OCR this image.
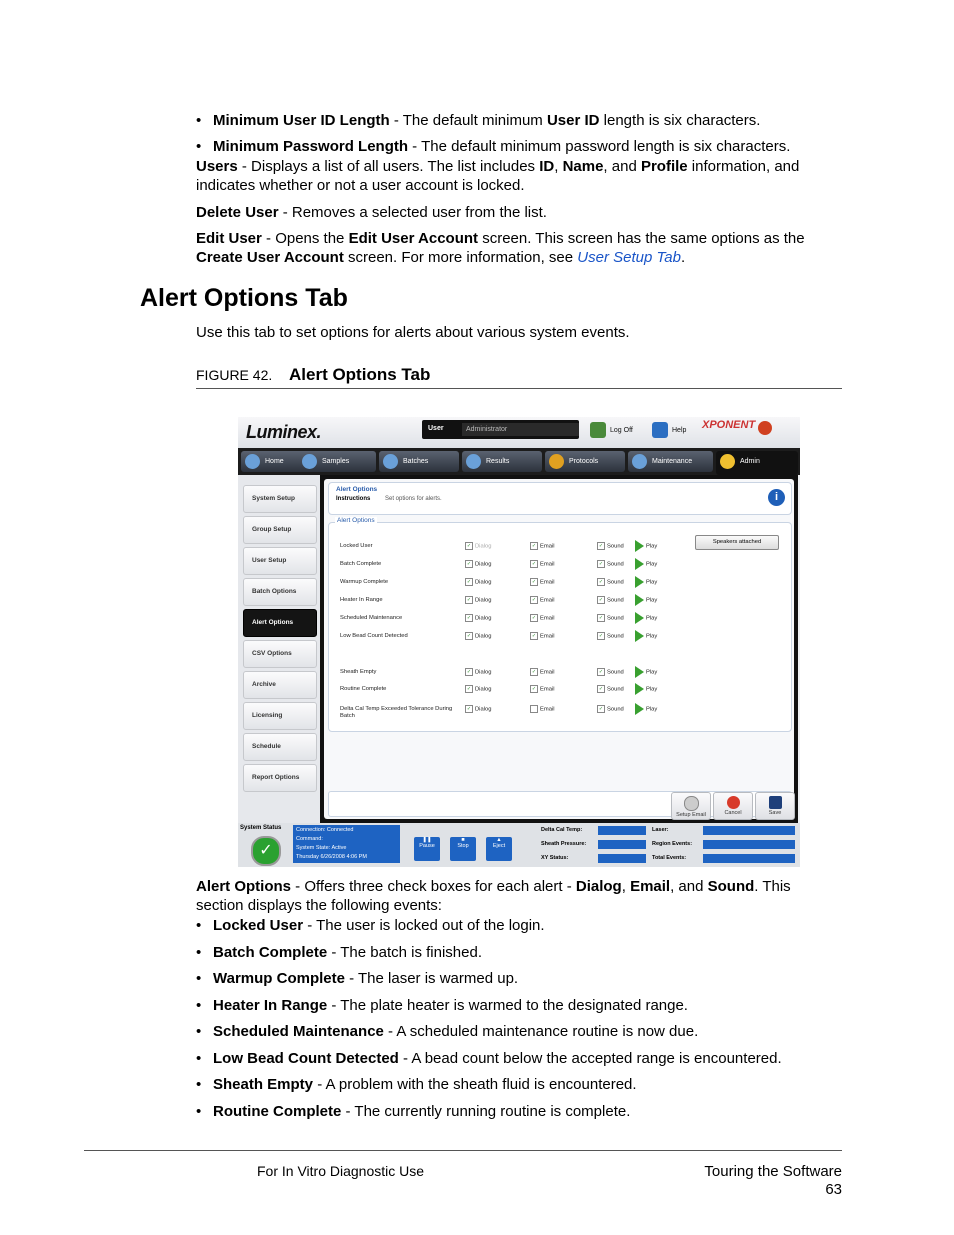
• Minimum User ID Length - The default minimum User ID length is six characters.
• Minimum Password Length - The default minimum password length is six characters.
Users - Displays a list of all users. The list includes ID, Name, and Profile information, and
indicates whether or not a user account is locked.
Delete User - Removes a selected user from the list.
Edit User - Opens the Edit User Account screen. This screen has the same options as the
Create User Account screen. For more information, see User Setup Tab.
Alert Options Tab
Use this tab to set options for alerts about various system events.
FIGURE 42. Alert Options Tab
Luminex.	User	Administrator	Log Off	Help XPONENT
Home	Samples	Batches	Results	Protocols	Maintenance	Admin
System Setup
Group Setup
User Setup
Batch Options
Alert Options
CSV Options
Archive
Licensing
Schedule
Report Options
Alert Options
Instructions Set options for alerts.	i
Alert Options
Speakers attached
Locked User	✓ Dialog	✓ Email	✓ Sound	Play
Batch Complete	✓ Dialog	✓ Email	✓ Sound	Play
Warmup Complete	✓ Dialog	✓ Email	✓ Sound	Play
Heater In Range	✓ Dialog	✓ Email	✓ Sound	Play
Scheduled Maintenance	✓ Dialog	✓ Email	✓ Sound	Play
Low Bead Count Detected	✓ Dialog	✓ Email	✓ Sound	Play
Sheath Empty	✓ Dialog	✓ Email	✓ Sound	Play
Routine Complete	✓ Dialog	✓ Email	✓ Sound	Play
Delta Cal Temp Exceeded Tolerance During Batch
✓ Dialog	Email	✓ Sound	Play
Setup Email	Cancel	Save
System Status
✓
Connection: Connected
Command:
System State: Active
Thursday 6/26/2008 4:06 PM
❚❚
Pause
■
Stop
▲
Eject
Delta Cal Temp:
Sheath Pressure:
XY Status:
Laser:
Region Events:
Total Events:
Alert Options - Offers three check boxes for each alert - Dialog, Email, and Sound. This
section displays the following events:
• Locked User - The user is locked out of the login.
• Batch Complete - The batch is finished.
• Warmup Complete - The laser is warmed up.
• Heater In Range - The plate heater is warmed to the designated range.
• Scheduled Maintenance - A scheduled maintenance routine is now due.
• Low Bead Count Detected - A bead count below the accepted range is encountered.
• Sheath Empty - A problem with the sheath fluid is encountered.
• Routine Complete - The currently running routine is complete.
For In Vitro Diagnostic Use	Touring the Software
63
